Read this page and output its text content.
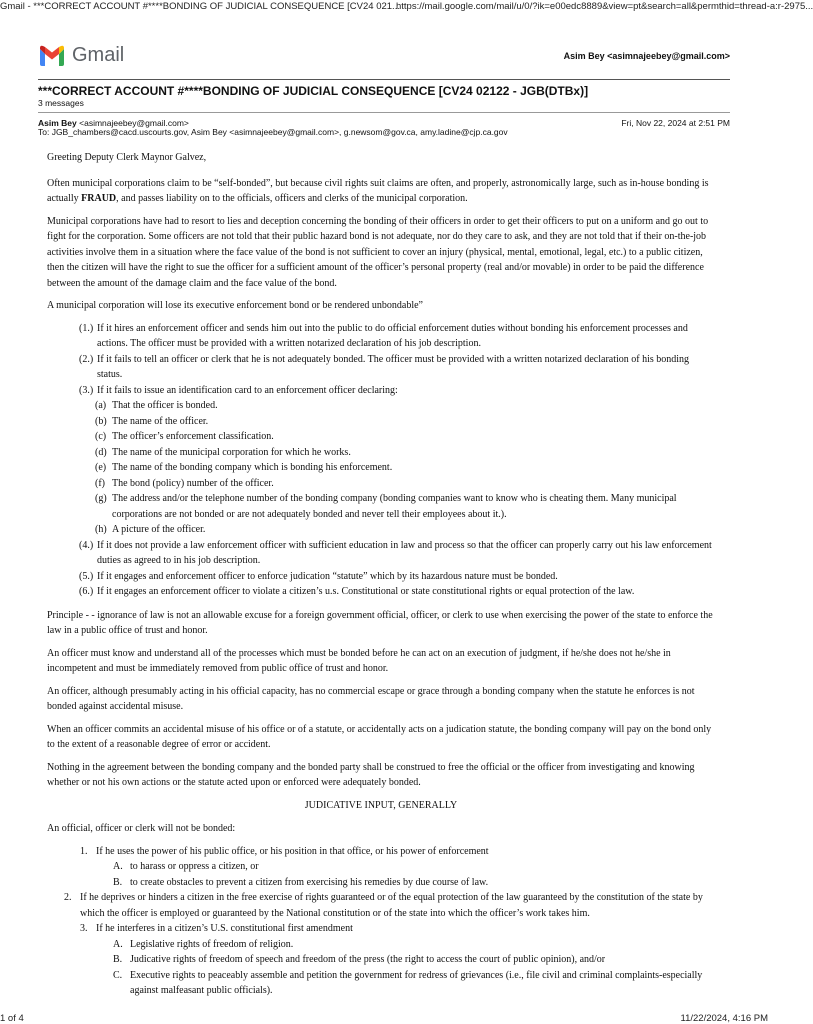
Gmail - ***CORRECT ACCOUNT #****BONDING OF JUDICIAL CONSEQUENCE [CV24 021...
https://mail.google.com/mail/u/0/?ik=e00edc8889&view=pt&search=all&permthid=thread-a:r-2975...
Gmail	Asim Bey <asimnajeebey@gmail.com>
***CORRECT ACCOUNT #****BONDING OF JUDICIAL CONSEQUENCE [CV24 02122 - JGB(DTBx)]
3 messages
Asim Bey <asimnajeebey@gmail.com>	Fri, Nov 22, 2024 at 2:51 PM
To: JGB_chambers@cacd.uscourts.gov, Asim Bey <asimnajeebey@gmail.com>, g.newsom@gov.ca, amy.ladine@cjp.ca.gov

Greeting Deputy Clerk Maynor Galvez,

Often municipal corporations claim to be “self-bonded”, but because civil rights suit claims are often, and properly, astronomically large, such as in-house bonding is actually FRAUD, and passes liability on to the officials, officers and clerks of the municipal corporation.

Municipal corporations have had to resort to lies and deception concerning the bonding of their officers in order to get their officers to put on a uniform and go out to fight for the corporation. Some officers are not told that their public hazard bond is not adequate, nor do they care to ask, and they are not told that if their on-the-job activities involve them in a situation where the face value of the bond is not sufficient to cover an injury (physical, mental, emotional, legal, etc.) to a public citizen, then the citizen will have the right to sue the officer for a sufficient amount of the officer’s personal property (real and/or movable) in order to be paid the difference between the amount of the damage claim and the face value of the bond.

A municipal corporation will lose its executive enforcement bond or be rendered unbondable”

(1.) If it hires an enforcement officer and sends him out into the public to do official enforcement duties without bonding his enforcement processes and actions. The officer must be provided with a written notarized declaration of his job description.
(2.) If it fails to tell an officer or clerk that he is not adequately bonded. The officer must be provided with a written notarized declaration of his bonding status.
(3.) If it fails to issue an identification card to an enforcement officer declaring:
(a) That the officer is bonded.
(b) The name of the officer.
(c) The officer’s enforcement classification.
(d) The name of the municipal corporation for which he works.
(e) The name of the bonding company which is bonding his enforcement.
(f) The bond (policy) number of the officer.
(g) The address and/or the telephone number of the bonding company (bonding companies want to know who is cheating them. Many municipal corporations are not bonded or are not adequately bonded and never tell their employees about it.).
(h) A picture of the officer.
(4.) If it does not provide a law enforcement officer with sufficient education in law and process so that the officer can properly carry out his law enforcement duties as agreed to in his job description.
(5.) If it engages and enforcement officer to enforce judication “statute” which by its hazardous nature must be bonded.
(6.) If it engages an enforcement officer to violate a citizen’s u.s. Constitutional or state constitutional rights or equal protection of the law.

Principle - - ignorance of law is not an allowable excuse for a foreign government official, officer, or clerk to use when exercising the power of the state to enforce the law in a public office of trust and honor.

An officer must know and understand all of the processes which must be bonded before he can act on an execution of judgment, if he/she does not he/she in incompetent and must be immediately removed from public office of trust and honor.

An officer, although presumably acting in his official capacity, has no commercial escape or grace through a bonding company when the statute he enforces is not bonded against accidental misuse.

When an officer commits an accidental misuse of his office or of a statute, or accidentally acts on a judication statute, the bonding company will pay on the bond only to the extent of a reasonable degree of error or accident.

Nothing in the agreement between the bonding company and the bonded party shall be construed to free the official or the officer from investigating and knowing whether or not his own actions or the statute acted upon or enforced were adequately bonded.

JUDICATIVE INPUT, GENERALLY

An official, officer or clerk will not be bonded:

1. If he uses the power of his public office, or his position in that office, or his power of enforcement
A. to harass or oppress a citizen, or
B. to create obstacles to prevent a citizen from exercising his remedies by due course of law.
2. If he deprives or hinders a citizen in the free exercise of rights guaranteed or of the equal protection of the law guaranteed by the constitution of the state by which the officer is employed or guaranteed by the National constitution or of the state into which the officer’s work takes him.
3. If he interferes in a citizen’s U.S. constitutional first amendment
A. Legislative rights of freedom of religion.
B. Judicative rights of freedom of speech and freedom of the press (the right to access the court of public opinion), and/or
C. Executive rights to peaceably assemble and petition the government for redress of grievances (i.e., file civil and criminal complaints-especially against malfeasant public officials).
1 of 4	11/22/2024, 4:16 PM
